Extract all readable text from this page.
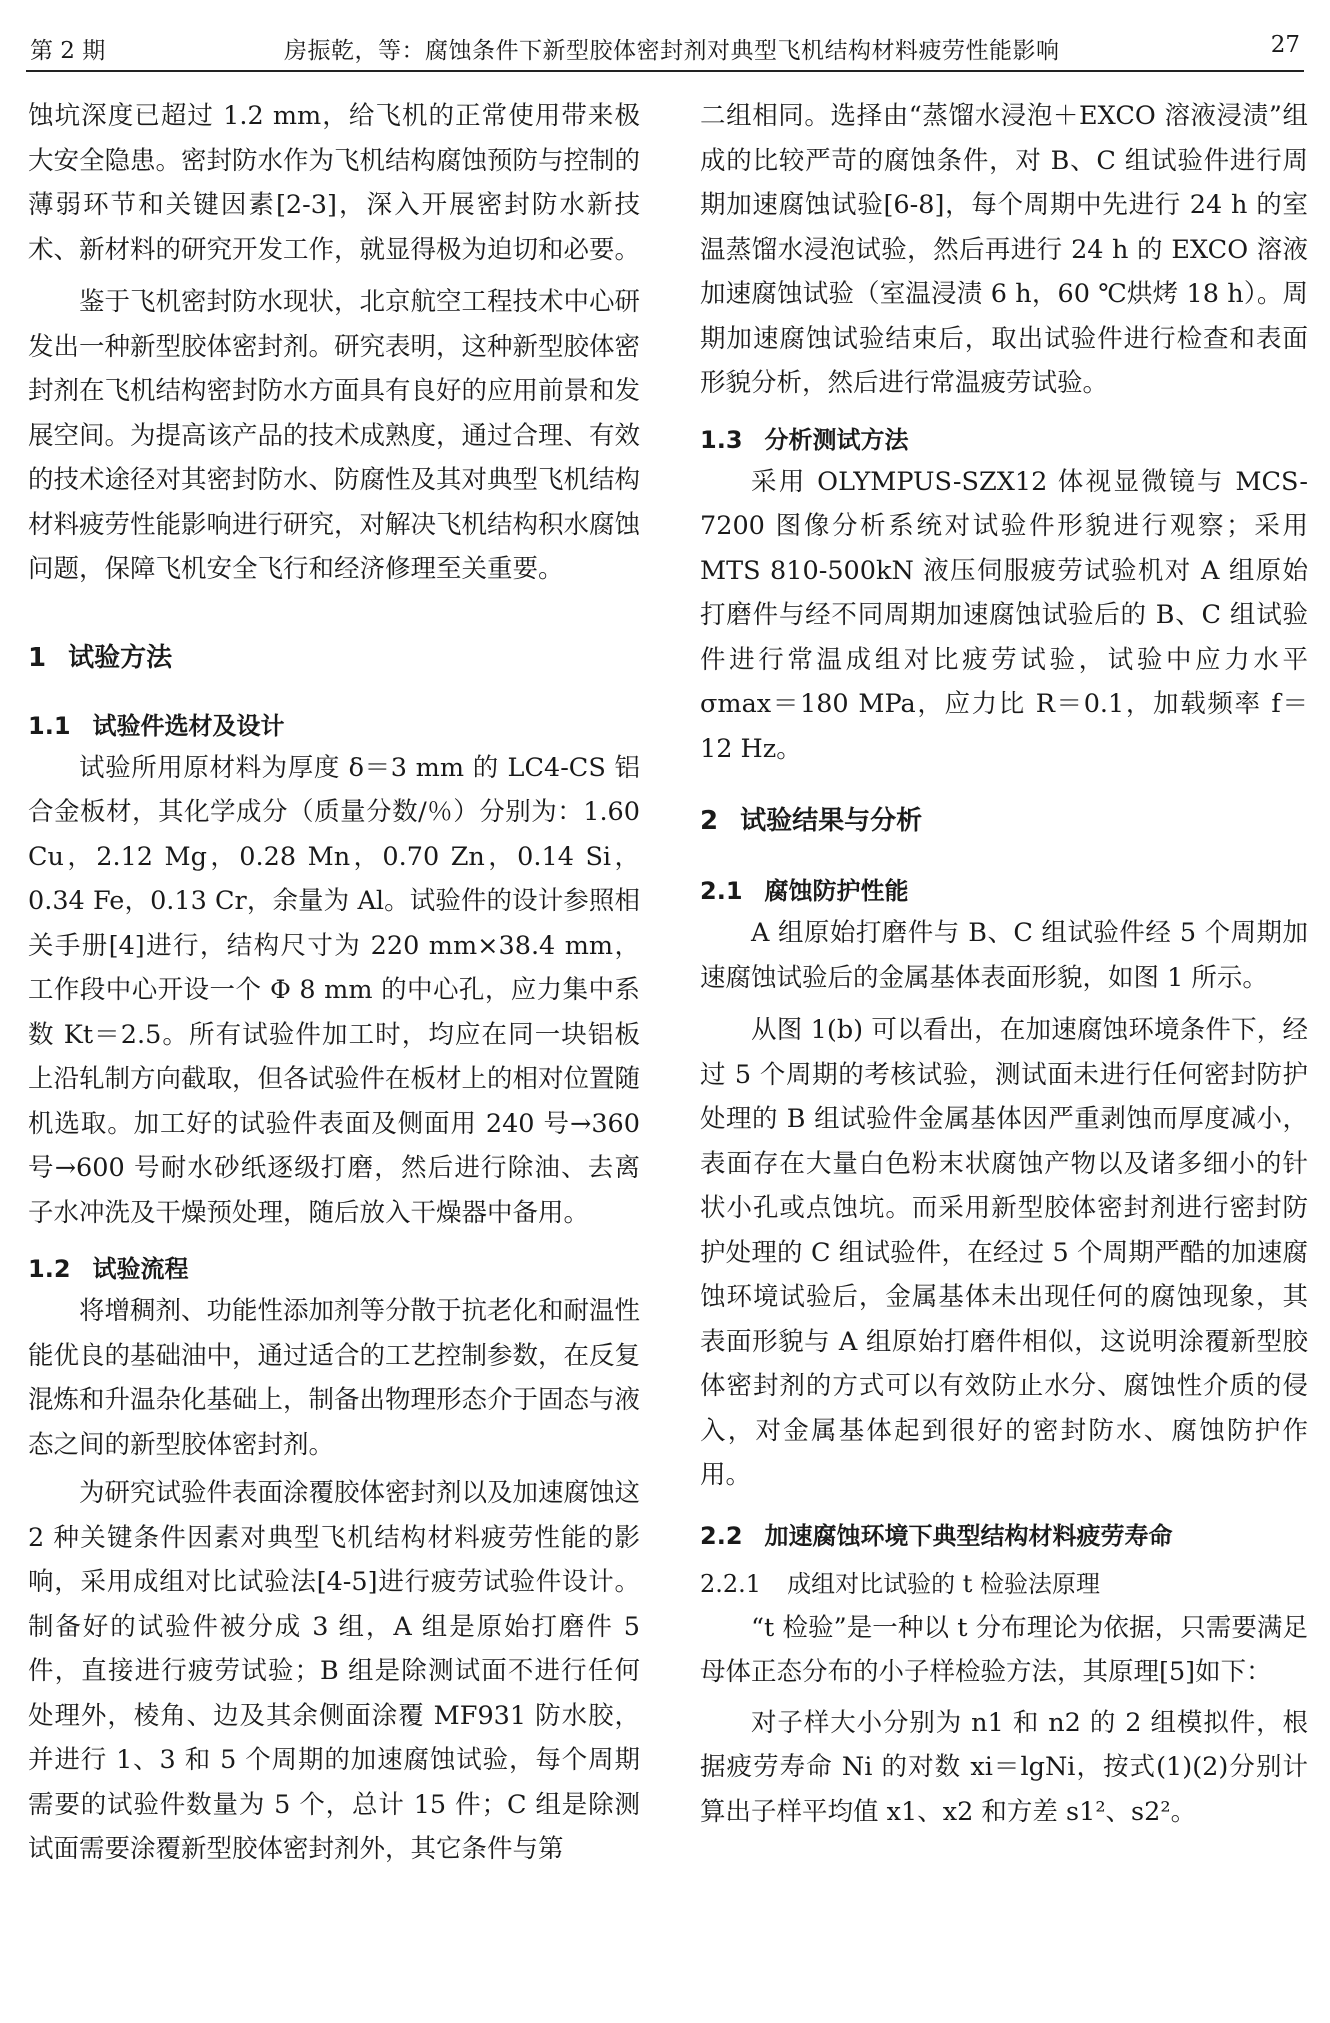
第 2 期	房振乾，等：腐蚀条件下新型胶体密封剂对典型飞机结构材料疲劳性能影响	27

蚀坑深度已超过 1.2 mm，给飞机的正常使用带来极大安全隐患。密封防水作为飞机结构腐蚀预防与控制的薄弱环节和关键因素[2-3]，深入开展密封防水新技术、新材料的研究开发工作，就显得极为迫切和必要。

鉴于飞机密封防水现状，北京航空工程技术中心研发出一种新型胶体密封剂。研究表明，这种新型胶体密封剂在飞机结构密封防水方面具有良好的应用前景和发展空间。为提高该产品的技术成熟度，通过合理、有效的技术途径对其密封防水、防腐性及其对典型飞机结构材料疲劳性能影响进行研究，对解决飞机结构积水腐蚀问题，保障飞机安全飞行和经济修理至关重要。

1 试验方法
1.1 试验件选材及设计

试验所用原材料为厚度 δ＝3 mm 的 LC4-CS 铝合金板材，其化学成分（质量分数/％）分别为：1.60 Cu，2.12 Mg，0.28 Mn，0.70 Zn，0.14 Si，0.34 Fe，0.13 Cr，余量为 Al。试验件的设计参照相关手册[4]进行，结构尺寸为 220 mm×38.4 mm，工作段中心开设一个 Φ 8 mm 的中心孔，应力集中系数 Kt＝2.5。所有试验件加工时，均应在同一块铝板上沿轧制方向截取，但各试验件在板材上的相对位置随机选取。加工好的试验件表面及侧面用 240 号→360 号→600 号耐水砂纸逐级打磨，然后进行除油、去离子水冲洗及干燥预处理，随后放入干燥器中备用。

1.2 试验流程

将增稠剂、功能性添加剂等分散于抗老化和耐温性能优良的基础油中，通过适合的工艺控制参数，在反复混炼和升温杂化基础上，制备出物理形态介于固态与液态之间的新型胶体密封剂。

为研究试验件表面涂覆胶体密封剂以及加速腐蚀这 2 种关键条件因素对典型飞机结构材料疲劳性能的影响，采用成组对比试验法[4-5]进行疲劳试验件设计。制备好的试验件被分成 3 组，A 组是原始打磨件 5 件，直接进行疲劳试验；B 组是除测试面不进行任何处理外，棱角、边及其余侧面涂覆 MF931 防水胶，并进行 1、3 和 5 个周期的加速腐蚀试验，每个周期需要的试验件数量为 5 个，总计 15 件；C 组是除测试面需要涂覆新型胶体密封剂外，其它条件与第

二组相同。选择由“蒸馏水浸泡＋EXCO 溶液浸渍”组成的比较严苛的腐蚀条件，对 B、C 组试验件进行周期加速腐蚀试验[6-8]，每个周期中先进行 24 h 的室温蒸馏水浸泡试验，然后再进行 24 h 的 EXCO 溶液加速腐蚀试验（室温浸渍 6 h，60 ℃烘烤 18 h）。周期加速腐蚀试验结束后，取出试验件进行检查和表面形貌分析，然后进行常温疲劳试验。

1.3 分析测试方法

采用 OLYMPUS-SZX12 体视显微镜与 MCS-7200 图像分析系统对试验件形貌进行观察；采用 MTS 810-500kN 液压伺服疲劳试验机对 A 组原始打磨件与经不同周期加速腐蚀试验后的 B、C 组试验件进行常温成组对比疲劳试验，试验中应力水平 σmax＝180 MPa，应力比 R＝0.1，加载频率 f＝12 Hz。

2 试验结果与分析
2.1 腐蚀防护性能

A 组原始打磨件与 B、C 组试验件经 5 个周期加速腐蚀试验后的金属基体表面形貌，如图 1 所示。

从图 1(b) 可以看出，在加速腐蚀环境条件下，经过 5 个周期的考核试验，测试面未进行任何密封防护处理的 B 组试验件金属基体因严重剥蚀而厚度减小，表面存在大量白色粉末状腐蚀产物以及诸多细小的针状小孔或点蚀坑。而采用新型胶体密封剂进行密封防护处理的 C 组试验件，在经过 5 个周期严酷的加速腐蚀环境试验后，金属基体未出现任何的腐蚀现象，其表面形貌与 A 组原始打磨件相似，这说明涂覆新型胶体密封剂的方式可以有效防止水分、腐蚀性介质的侵入，对金属基体起到很好的密封防水、腐蚀防护作用。

2.2 加速腐蚀环境下典型结构材料疲劳寿命
2.2.1 成组对比试验的 t 检验法原理

“t 检验”是一种以 t 分布理论为依据，只需要满足母体正态分布的小子样检验方法，其原理[5]如下：

对子样大小分别为 n1 和 n2 的 2 组模拟件，根据疲劳寿命 Ni 的对数 xi＝lgNi，按式(1)(2)分别计算出子样平均值 x1、x2 和方差 s1²、s2²。
